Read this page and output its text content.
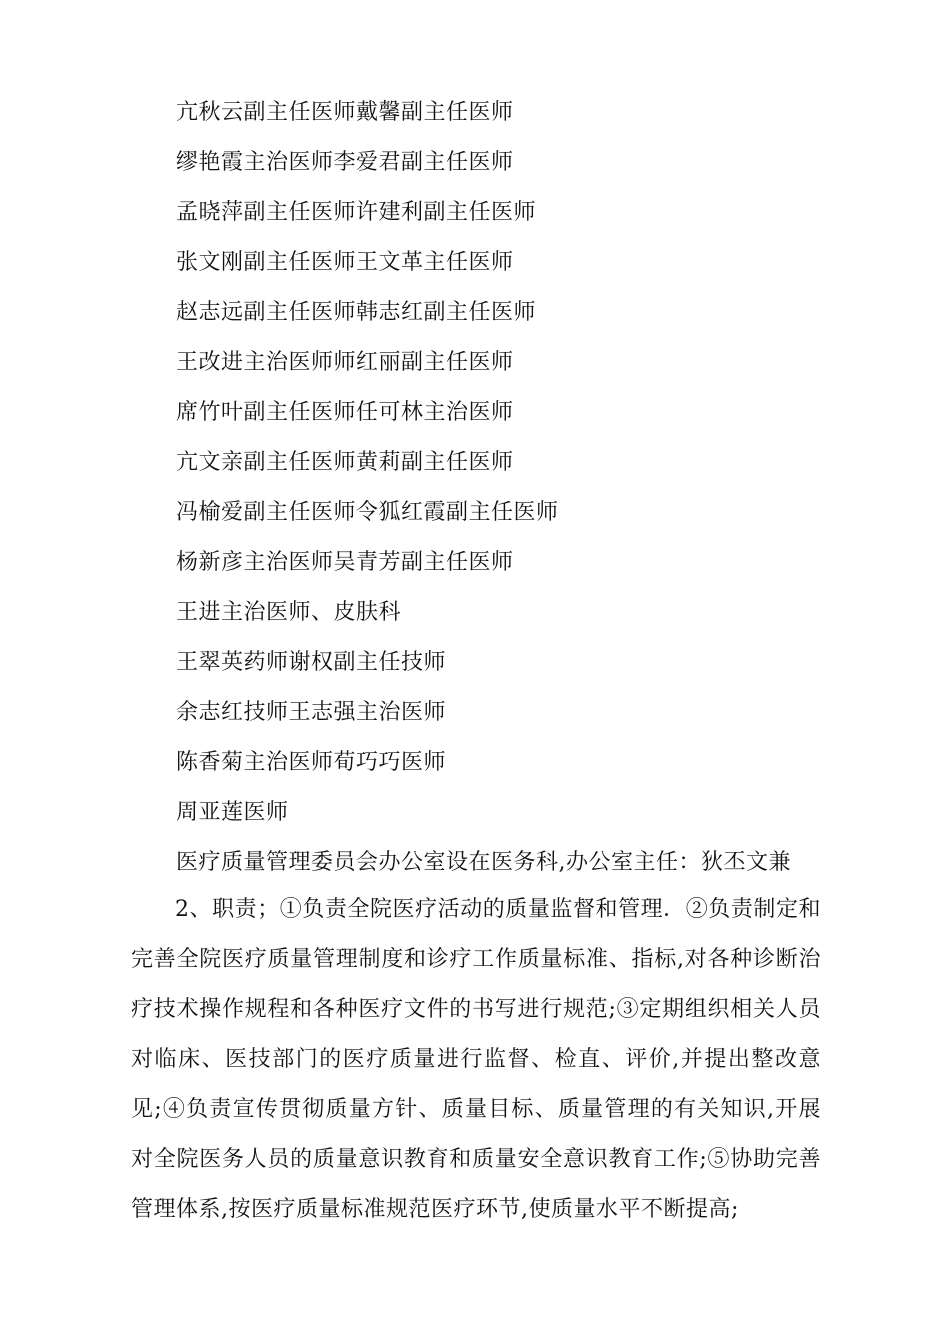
亢秋云副主任医师戴馨副主任医师
缪艳霞主治医师李爱君副主任医师
孟晓萍副主任医师许建利副主任医师
张文刚副主任医师王文革主任医师
赵志远副主任医师韩志红副主任医师
王改进主治医师师红丽副主任医师
席竹叶副主任医师任可林主治医师
亢文亲副主任医师黄莉副主任医师
冯榆爱副主任医师令狐红霞副主任医师
杨新彦主治医师吴青芳副主任医师
王进主治医师、皮肤科
王翠英药师谢权副主任技师
余志红技师王志强主治医师
陈香菊主治医师荀巧巧医师
周亚莲医师
医疗质量管理委员会办公室设在医务科,办公室主任：狄丕文兼
2、职责；①负责全院医疗活动的质量监督和管理．②负责制定和完善全院医疗质量管理制度和诊疗工作质量标准、指标,对各种诊断治疗技术操作规程和各种医疗文件的书写进行规范;③定期组织相关人员对临床、医技部门的医疗质量进行监督、检直、评价,并提出整改意见;④负责宣传贯彻质量方针、质量目标、质量管理的有关知识,开展对全院医务人员的质量意识教育和质量安全意识教育工作;⑤协助完善管理体系,按医疗质量标准规范医疗环节,使质量水平不断提高;
